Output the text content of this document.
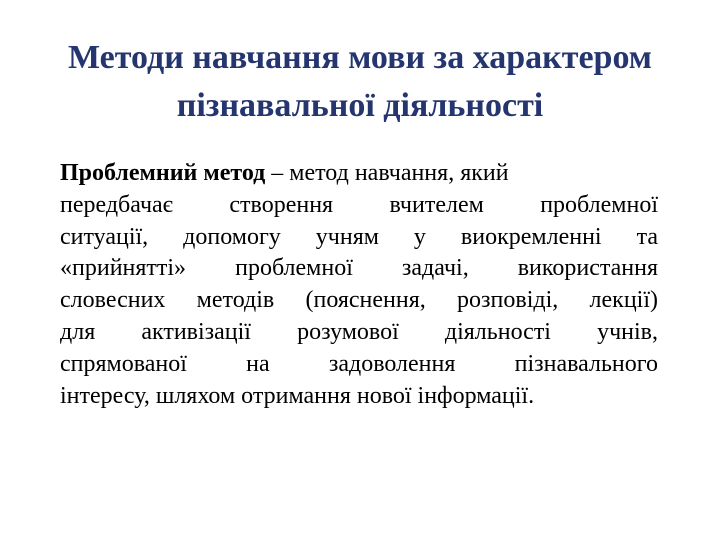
Методи навчання мови за характером
пізнавальної діяльності
Проблемний метод – метод навчання, який
передбачає створення вчителем проблемної
ситуації, допомогу учням у виокремленні та
«прийнятті» проблемної задачі, використання
словесних методів (пояснення, розповіді, лекції)
для активізації розумової діяльності учнів,
спрямованої на задоволення пізнавального
інтересу, шляхом отримання нової інформації.
